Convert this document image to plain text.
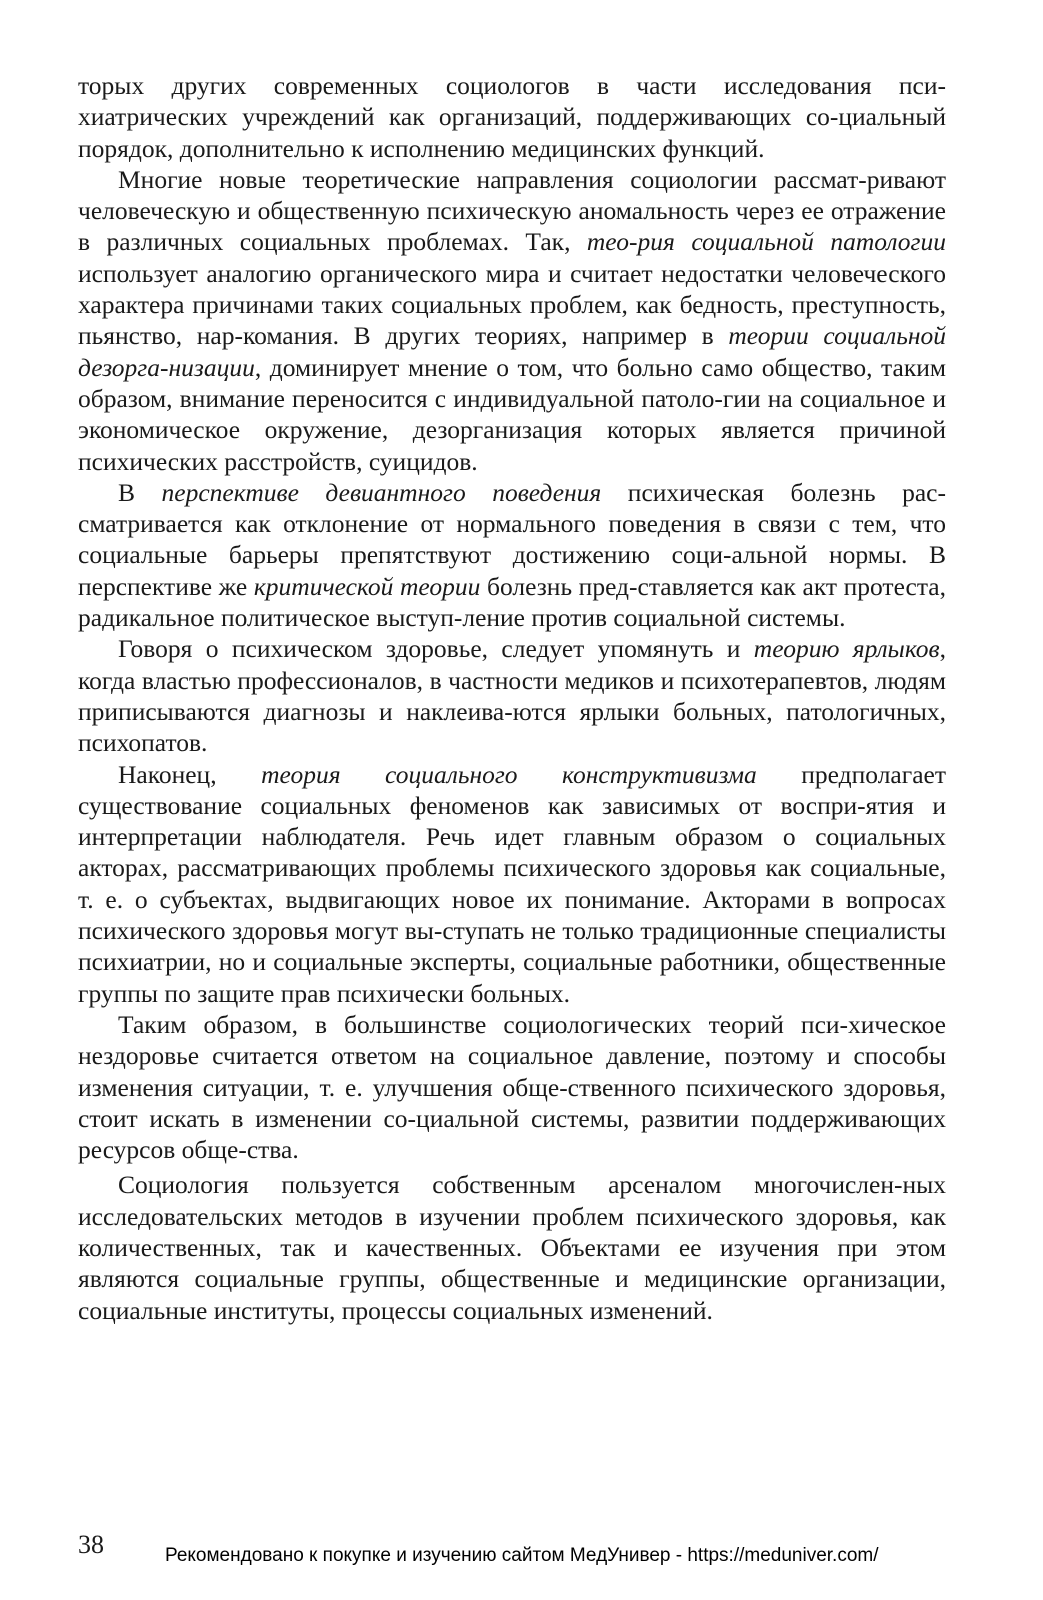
торых других современных социологов в части исследования пси-хиатрических учреждений как организаций, поддерживающих со-циальный порядок, дополнительно к исполнению медицинских функций.

Многие новые теоретические направления социологии рассмат-ривают человеческую и общественную психическую аномальность через ее отражение в различных социальных проблемах. Так, тео-рия социальной патологии использует аналогию органического мира и считает недостатки человеческого характера причинами таких социальных проблем, как бедность, преступность, пьянство, нар-комания. В других теориях, например в теории социальной дезорга-низации, доминирует мнение о том, что больно само общество, таким образом, внимание переносится с индивидуальной патоло-гии на социальное и экономическое окружение, дезорганизация которых является причиной психических расстройств, суицидов.

В перспективе девиантного поведения психическая болезнь рас-сматривается как отклонение от нормального поведения в связи с тем, что социальные барьеры препятствуют достижению соци-альной нормы. В перспективе же критической теории болезнь пред-ставляется как акт протеста, радикальное политическое выступ-ление против социальной системы.

Говоря о психическом здоровье, следует упомянуть и теорию ярлыков, когда властью профессионалов, в частности медиков и психотерапевтов, людям приписываются диагнозы и наклеива-ются ярлыки больных, патологичных, психопатов.

Наконец, теория социального конструктивизма предполагает существование социальных феноменов как зависимых от воспри-ятия и интерпретации наблюдателя. Речь идет главным образом о социальных акторах, рассматривающих проблемы психического здоровья как социальные, т. е. о субъектах, выдвигающих новое их понимание. Акторами в вопросах психического здоровья могут вы-ступать не только традиционные специалисты психиатрии, но и социальные эксперты, социальные работники, общественные группы по защите прав психически больных.

Таким образом, в большинстве социологических теорий пси-хическое нездоровье считается ответом на социальное давление, поэтому и способы изменения ситуации, т. е. улучшения обще-ственного психического здоровья, стоит искать в изменении со-циальной системы, развитии поддерживающих ресурсов обще-ства.

Социология пользуется собственным арсеналом многочислен-ных исследовательских методов в изучении проблем психического здоровья, как количественных, так и качественных. Объектами ее изучения при этом являются социальные группы, общественные и медицинские организации, социальные институты, процессы социальных изменений.

38	Рекомендовано к покупке и изучению сайтом МедУнивер - https://meduniver.com/
